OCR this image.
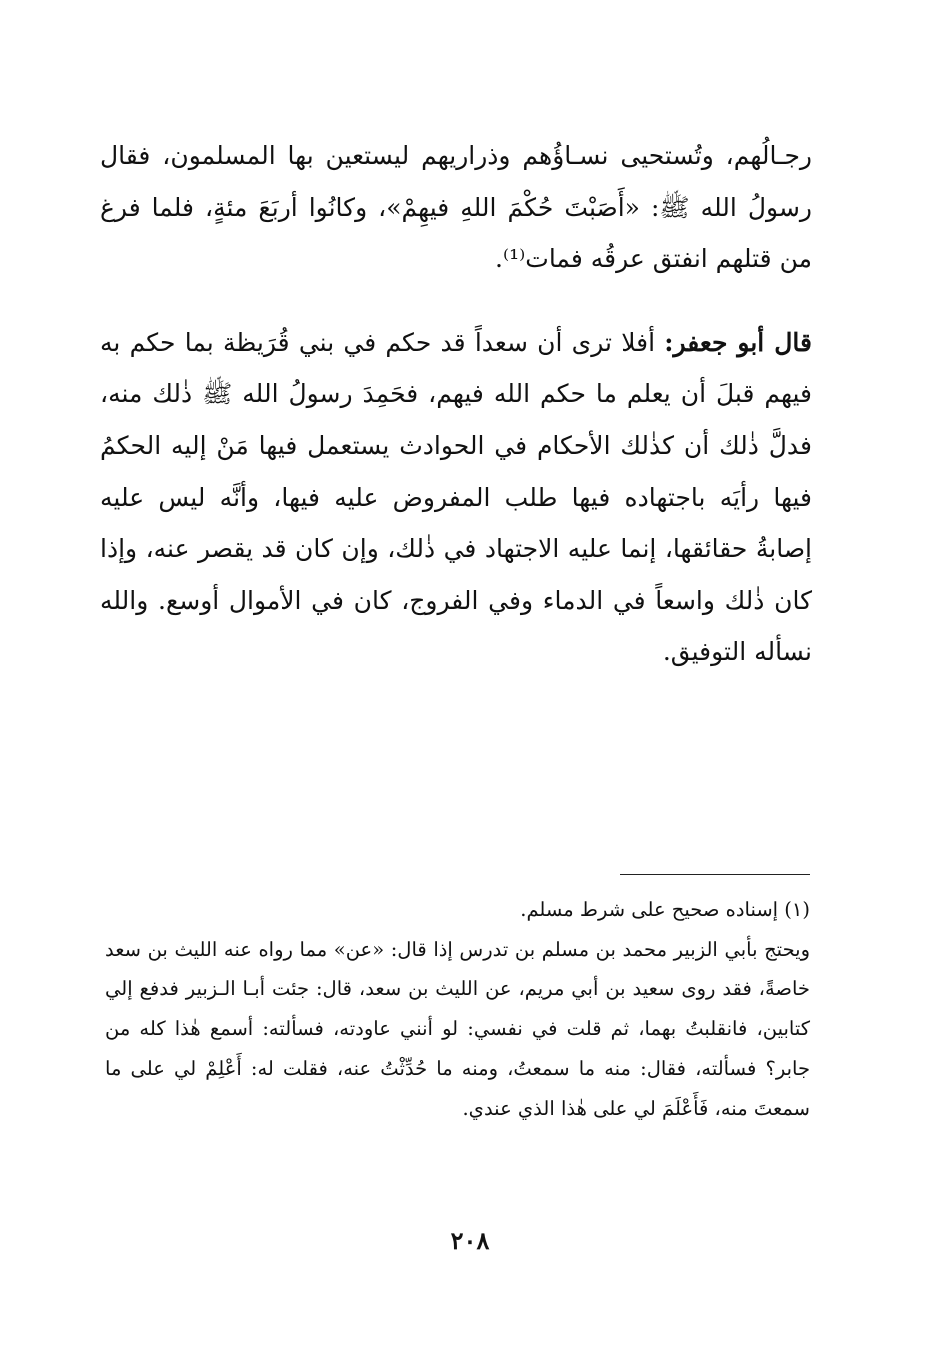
رجـالُهم، وتُستحيى نسـاؤُهم وذراريهم ليستعين بها المسلمون، فقال رسولُ الله ﷺ: «أَصَبْتَ حُكْمَ اللهِ فيهِمْ»، وكانُوا أربَعَ مئةٍ، فلما فرغ من قتلهم انفتق عرقُه فمات⁽¹⁾.

قال أبو جعفر: أفلا ترى أن سعداً قد حكم في بني قُرَيظة بما حكم به فيهم قبلَ أن يعلم ما حكم الله فيهم، فحَمِدَ رسولُ الله ﷺ ذٰلك منه، فدلَّ ذٰلك أن كذٰلك الأحكام في الحوادث يستعمل فيها مَنْ إليه الحكمُ فيها رأيَه باجتهاده فيها طلب المفروض عليه فيها، وأنَّه ليس عليه إصابةُ حقائقها، إنما عليه الاجتهاد في ذٰلك، وإن كان قد يقصر عنه، وإذا كان ذٰلك واسعاً في الدماء وفي الفروج، كان في الأموال أوسع. والله نسأله التوفيق.

(١) إسناده صحيح على شرط مسلم.

ويحتج بأبي الزبير محمد بن مسلم بن تدرس إذا قال: «عن» مما رواه عنه الليث بن سعد خاصةً، فقد روى سعيد بن أبي مريم، عن الليث بن سعد، قال: جئت أبـا الـزبير فدفع إلي كتابين، فانقلبتُ بهما، ثم قلت في نفسي: لو أنني عاودته، فسألته: أسمع هٰذا كله من جابر؟ فسألته، فقال: منه ما سمعتُ، ومنه ما حُدِّثْتُ عنه، فقلت له: أَعْلِمْ لي على ما سمعتَ منه، فَأَعْلَمَ لي على هٰذا الذي عندي.

٢٠٨
